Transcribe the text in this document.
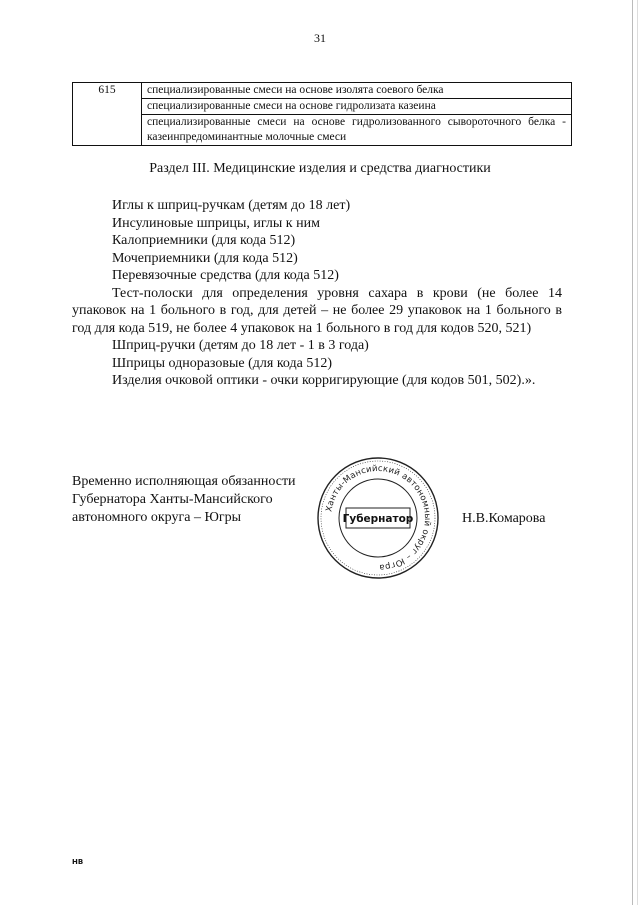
31
615	специализированные смеси на основе изолята соевого белка
специализированные смеси на основе гидролизата казеина
специализированные смеси на основе гидролизованного сывороточного белка - казеинпредоминантные молочные смеси
Раздел III. Медицинские изделия и средства диагностики

Иглы к шприц-ручкам (детям до 18 лет)

Инсулиновые шприцы, иглы к ним

Калоприемники (для кода 512)

Мочеприемники (для кода 512)

Перевязочные средства (для кода 512)

Тест-полоски для определения уровня сахара в крови (не более 14 упаковок на 1 больного в год, для детей – не более 29 упаковок на 1 больного в год для кода 519, не более 4 упаковок на 1 больного в год для кодов 520, 521)

Шприц-ручки (детям до 18 лет - 1 в 3 года)

Шприцы одноразовые (для кода 512)

Изделия очковой оптики - очки корригирующие (для кодов 501, 502).».

Временно исполняющая обязанности
Губернатора Ханты-Мансийского
автономного округа – Югры
Ханты-Мансийский автономный округ – Югра
Губернатор	Н.В.Комарова
НВ
